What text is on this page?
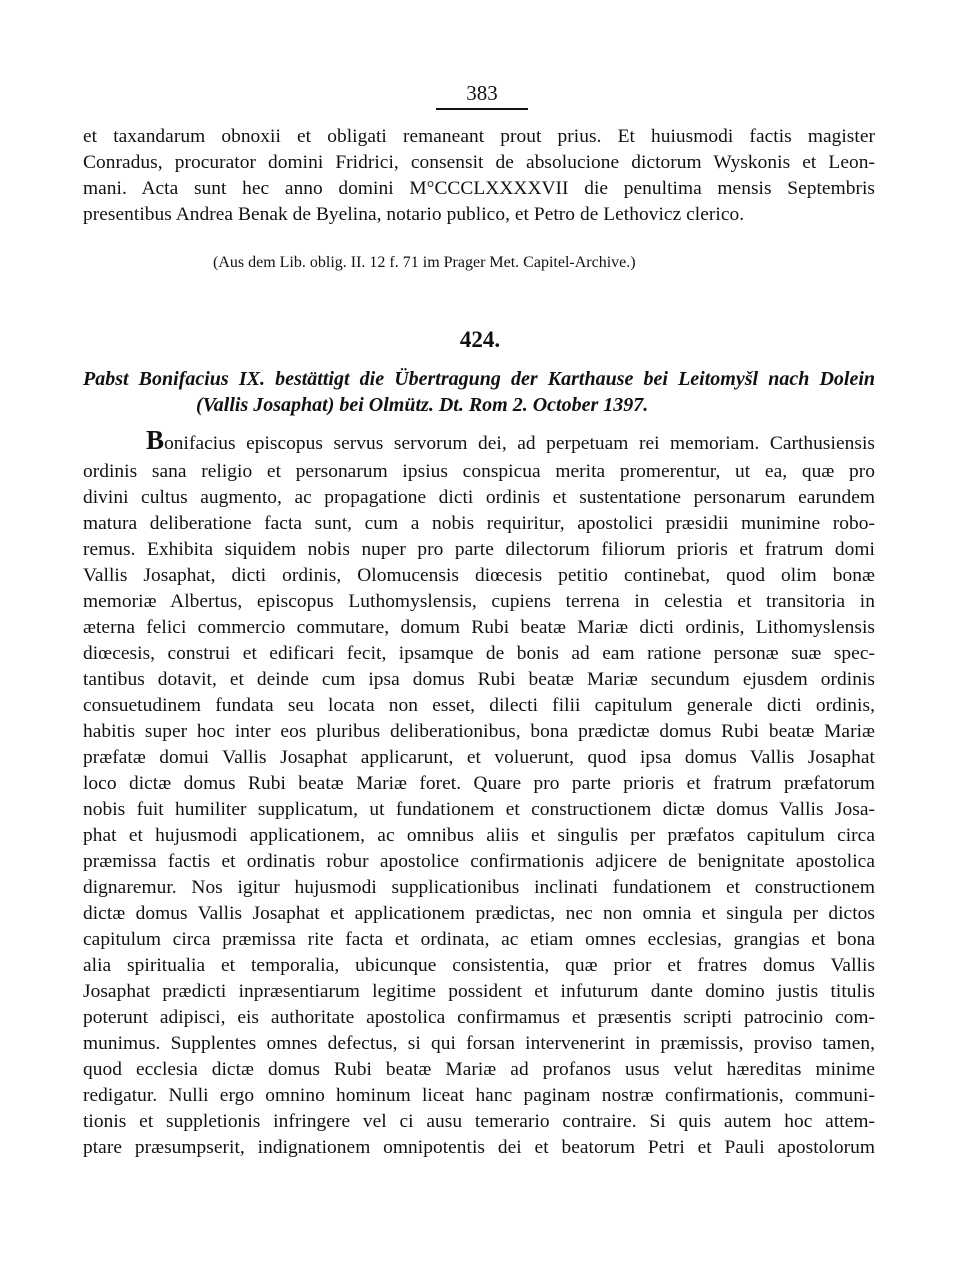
383
et taxandarum obnoxii et obligati remaneant prout prius. Et huiusmodi factis magister
Conradus, procurator domini Fridrici, consensit de absolucione dictorum Wyskonis et Leon-
mani. Acta sunt hec anno domini M°CCCLXXXXVII die penultima mensis Septembris
presentibus Andrea Benak de Byelina, notario publico, et Petro de Lethovicz clerico.
(Aus dem Lib. oblig. II. 12 f. 71 im Prager Met. Capitel-Archive.)
424.
Pabst Bonifacius IX. bestättigt die Übertragung der Karthause bei Leitomyšl nach Dolein
(Vallis Josaphat) bei Olmütz. Dt. Rom 2. October 1397.
Bonifacius episcopus servus servorum dei, ad perpetuam rei memoriam. Carthusiensis
ordinis sana religio et personarum ipsius conspicua merita promerentur, ut ea, quæ pro
divini cultus augmento, ac propagatione dicti ordinis et sustentatione personarum earundem
matura deliberatione facta sunt, cum a nobis requiritur, apostolici præsidii munimine robo-
remus. Exhibita siquidem nobis nuper pro parte dilectorum filiorum prioris et fratrum domi
Vallis Josaphat, dicti ordinis, Olomucensis diœcesis petitio continebat, quod olim bonæ
memoriæ Albertus, episcopus Luthomyslensis, cupiens terrena in celestia et transitoria in
æterna felici commercio commutare, domum Rubi beatæ Mariæ dicti ordinis, Lithomyslensis
diœcesis, construi et edificari fecit, ipsamque de bonis ad eam ratione personæ suæ spec-
tantibus dotavit, et deinde cum ipsa domus Rubi beatæ Mariæ secundum ejusdem ordinis
consuetudinem fundata seu locata non esset, dilecti filii capitulum generale dicti ordinis,
habitis super hoc inter eos pluribus deliberationibus, bona prædictæ domus Rubi beatæ Mariæ
præfatæ domui Vallis Josaphat applicarunt, et voluerunt, quod ipsa domus Vallis Josaphat
loco dictæ domus Rubi beatæ Mariæ foret. Quare pro parte prioris et fratrum præfatorum
nobis fuit humiliter supplicatum, ut fundationem et constructionem dictæ domus Vallis Josa-
phat et hujusmodi applicationem, ac omnibus aliis et singulis per præfatos capitulum circa
præmissa factis et ordinatis robur apostolice confirmationis adjicere de benignitate apostolica
dignaremur. Nos igitur hujusmodi supplicationibus inclinati fundationem et constructionem
dictæ domus Vallis Josaphat et applicationem prædictas, nec non omnia et singula per dictos
capitulum circa præmissa rite facta et ordinata, ac etiam omnes ecclesias, grangias et bona
alia spiritualia et temporalia, ubicunque consistentia, quæ prior et fratres domus Vallis
Josaphat prædicti inpræsentiarum legitime possident et infuturum dante domino justis titulis
poterunt adipisci, eis authoritate apostolica confirmamus et præsentis scripti patrocinio com-
munimus. Supplentes omnes defectus, si qui forsan intervenerint in præmissis, proviso tamen,
quod ecclesia dictæ domus Rubi beatæ Mariæ ad profanos usus velut hæreditas minime
redigatur. Nulli ergo omnino hominum liceat hanc paginam nostræ confirmationis, communi-
tionis et suppletionis infringere vel ci ausu temerario contraire. Si quis autem hoc attem-
ptare præsumpserit, indignationem omnipotentis dei et beatorum Petri et Pauli apostolorum
